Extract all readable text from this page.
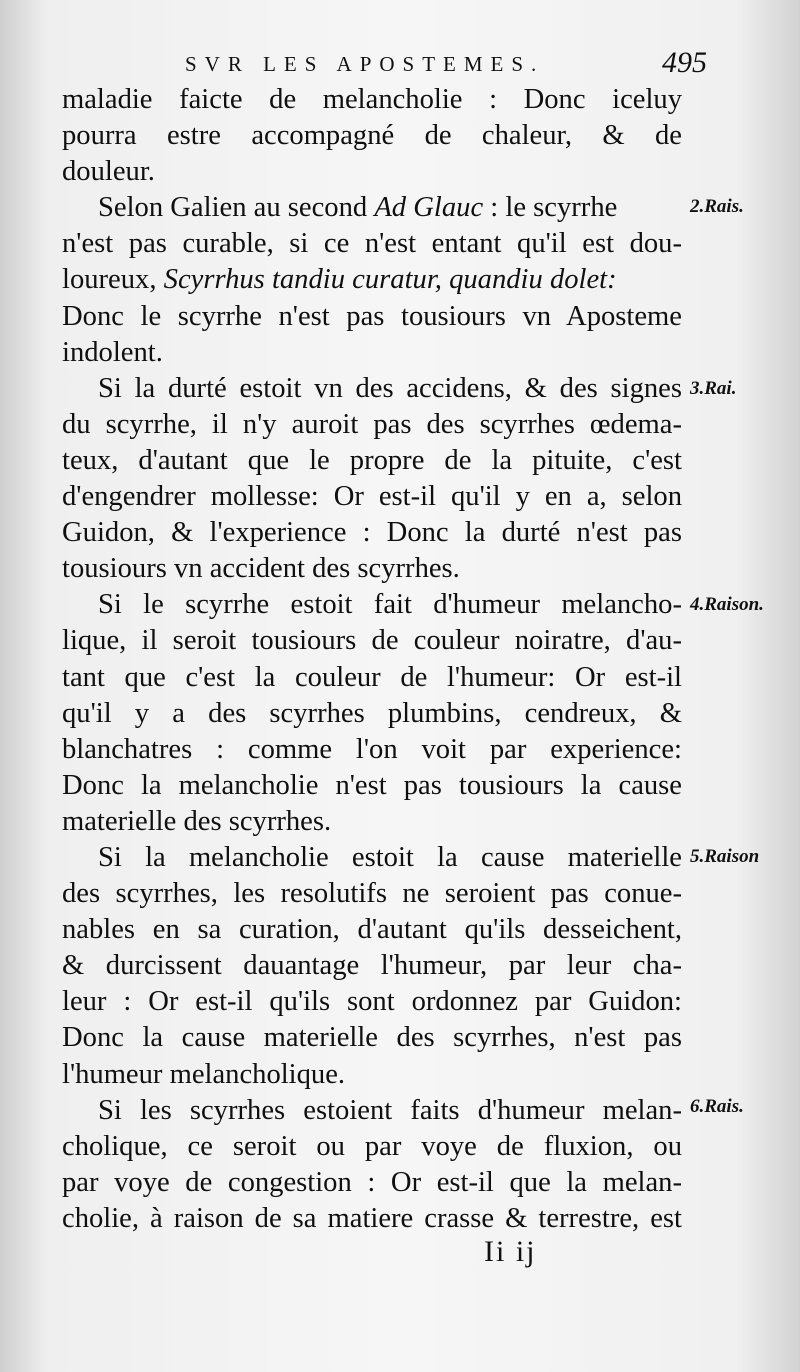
SVR LES APOSTEMES.	495
maladie faicte de melancholie : Donc iceluy
pourra estre accompagné de chaleur, & de
douleur.
Selon Galien au second Ad Glauc : le scyrrhe
n'est pas curable, si ce n'est entant qu'il est dou-
loureux, Scyrrhus tandiu curatur, quandiu dolet:
Donc le scyrrhe n'est pas tousiours vn Aposteme
indolent.
Si la durté estoit vn des accidens, & des signes
du scyrrhe, il n'y auroit pas des scyrrhes œdema-
teux, d'autant que le propre de la pituite, c'est
d'engendrer mollesse: Or est-il qu'il y en a, selon
Guidon, & l'experience : Donc la durté n'est pas
tousiours vn accident des scyrrhes.
Si le scyrrhe estoit fait d'humeur melancho-
lique, il seroit tousiours de couleur noiratre, d'au-
tant que c'est la couleur de l'humeur: Or est-il
qu'il y a des scyrrhes plumbins, cendreux, &
blanchatres : comme l'on voit par experience:
Donc la melancholie n'est pas tousiours la cause
materielle des scyrrhes.
Si la melancholie estoit la cause materielle
des scyrrhes, les resolutifs ne seroient pas conue-
nables en sa curation, d'autant qu'ils desseichent,
& durcissent dauantage l'humeur, par leur cha-
leur : Or est-il qu'ils sont ordonnez par Guidon:
Donc la cause materielle des scyrrhes, n'est pas
l'humeur melancholique.
Si les scyrrhes estoient faits d'humeur melan-
cholique, ce seroit ou par voye de fluxion, ou
par voye de congestion : Or est-il que la melan-
cholie, à raison de sa matiere crasse & terrestre, est
2.Rais.
3.Rai.
4.Raison.
5.Raison
6.Rais.
Ii ij
